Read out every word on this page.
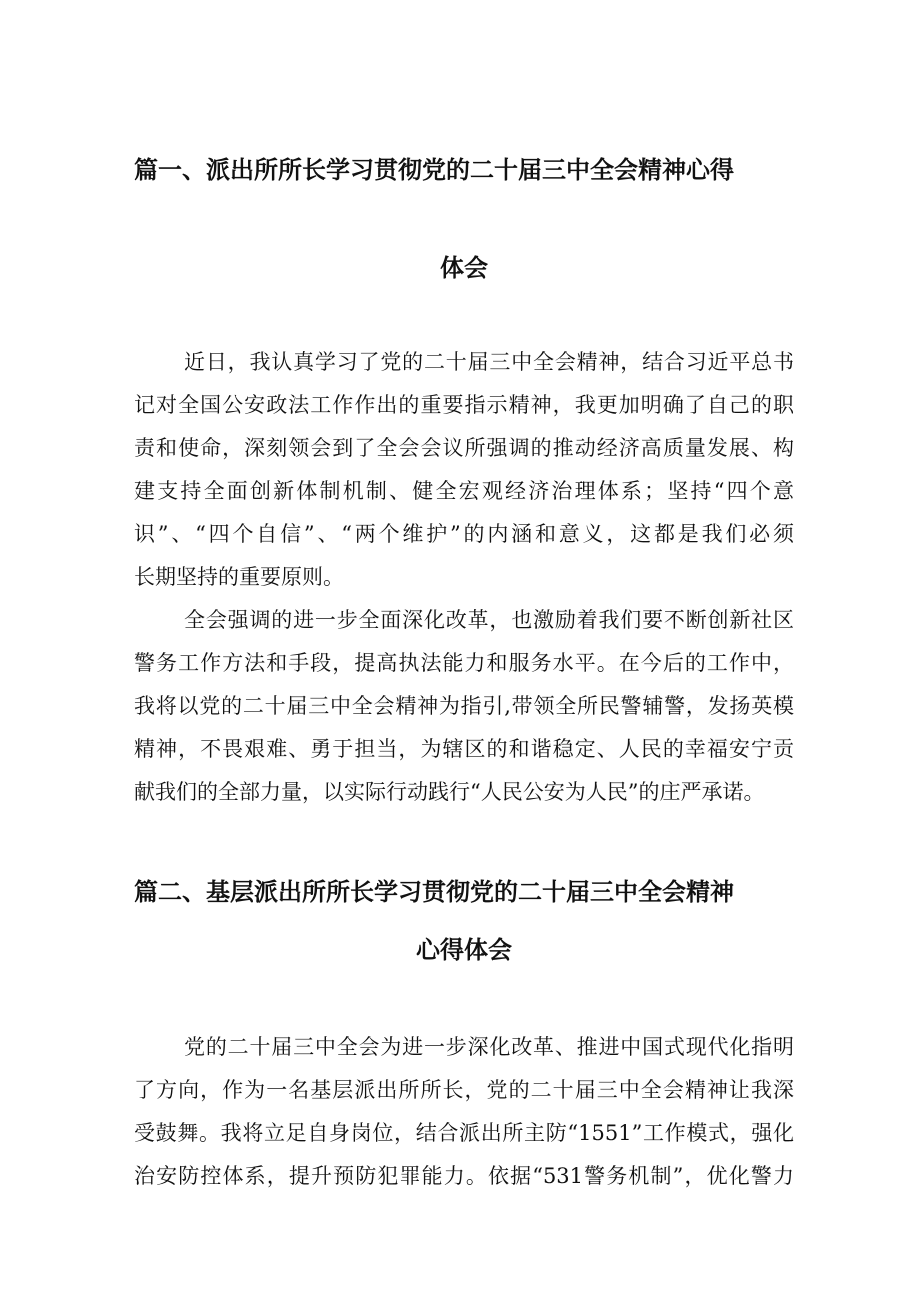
篇一、派出所所长学习贯彻党的二十届三中全会精神心得
体会
近日，我认真学习了党的二十届三中全会精神，结合习近平总书
记对全国公安政法工作作出的重要指示精神，我更加明确了自己的职
责和使命，深刻领会到了全会会议所强调的推动经济高质量发展、构
建支持全面创新体制机制、健全宏观经济治理体系；坚持“四个意
识”、“四个自信”、“两个维护”的内涵和意义，这都是我们必须
长期坚持的重要原则。
全会强调的进一步全面深化改革，也激励着我们要不断创新社区
警务工作方法和手段，提高执法能力和服务水平。在今后的工作中，
我将以党的二十届三中全会精神为指引,带领全所民警辅警，发扬英模
精神，不畏艰难、勇于担当，为辖区的和谐稳定、人民的幸福安宁贡
献我们的全部力量，以实际行动践行“人民公安为人民”的庄严承诺。
篇二、基层派出所所长学习贯彻党的二十届三中全会精神
心得体会
党的二十届三中全会为进一步深化改革、推进中国式现代化指明
了方向，作为一名基层派出所所长，党的二十届三中全会精神让我深
受鼓舞。我将立足自身岗位，结合派出所主防“1551”工作模式，强化
治安防控体系，提升预防犯罪能力。依据“531警务机制”，优化警力
